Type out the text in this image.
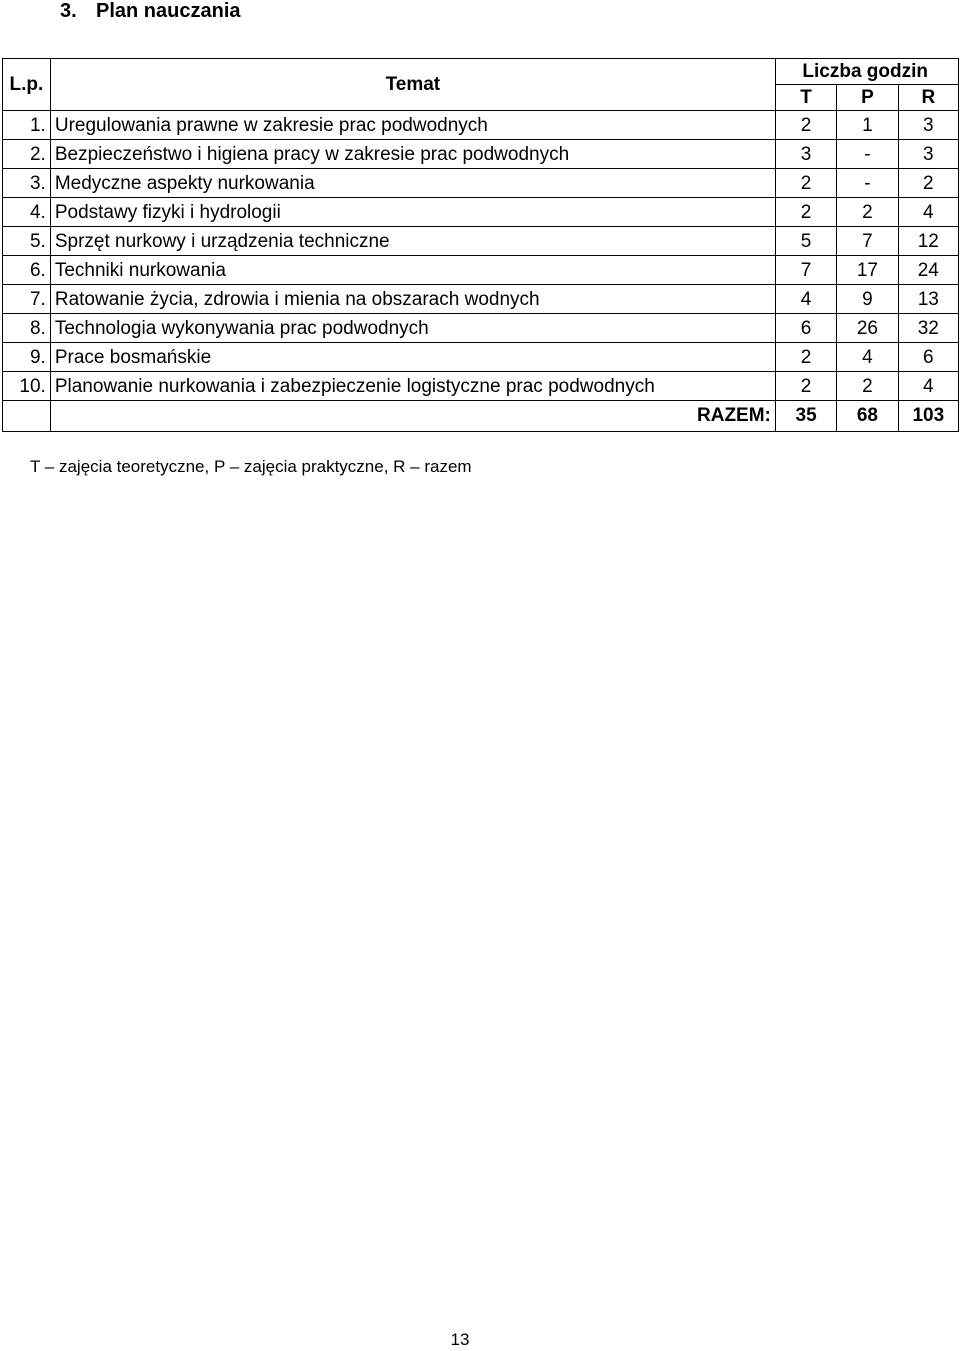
3. Plan nauczania
L.p.	Temat	Liczba godzin		
		T	P	R
1.	Uregulowania prawne w zakresie prac podwodnych	2	1	3
2.	Bezpieczeństwo i higiena pracy w zakresie prac podwodnych	3	-	3
3.	Medyczne aspekty nurkowania	2	-	2
4.	Podstawy fizyki i hydrologii	2	2	4
5.	Sprzęt nurkowy i urządzenia techniczne	5	7	12
6.	Techniki nurkowania	7	17	24
7.	Ratowanie życia, zdrowia i mienia na obszarach wodnych	4	9	13
8.	Technologia wykonywania prac podwodnych	6	26	32
9.	Prace bosmańskie	2	4	6
10.	Planowanie nurkowania i zabezpieczenie logistyczne prac podwodnych	2	2	4
	RAZEM:	35	68	103
T – zajęcia teoretyczne, P – zajęcia praktyczne, R – razem
13
